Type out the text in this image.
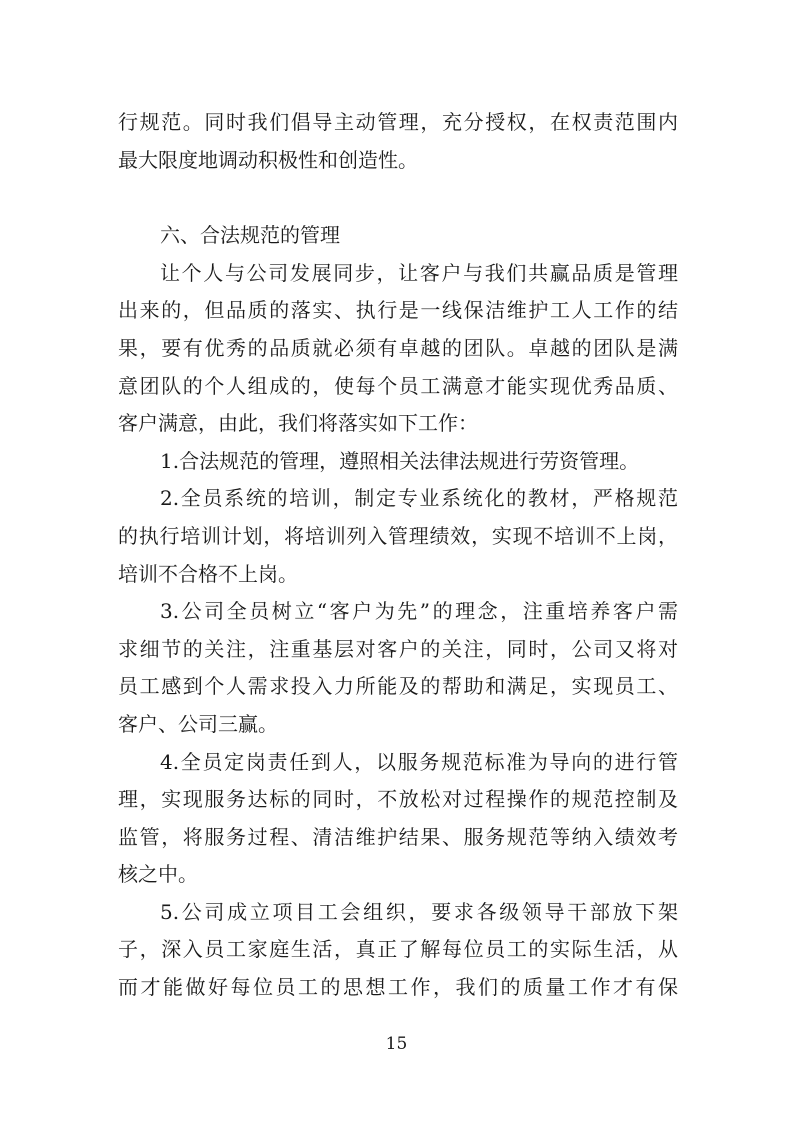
行规范。同时我们倡导主动管理，充分授权，在权责范围内
最大限度地调动积极性和创造性。
六、合法规范的管理
让个人与公司发展同步，让客户与我们共赢品质是管理
出来的，但品质的落实、执行是一线保洁维护工人工作的结
果，要有优秀的品质就必须有卓越的团队。卓越的团队是满
意团队的个人组成的，使每个员工满意才能实现优秀品质、
客户满意，由此，我们将落实如下工作：
1.合法规范的管理，遵照相关法律法规进行劳资管理。
2.全员系统的培训，制定专业系统化的教材，严格规范
的执行培训计划，将培训列入管理绩效，实现不培训不上岗，
培训不合格不上岗。
3.公司全员树立“客户为先”的理念，注重培养客户需
求细节的关注，注重基层对客户的关注，同时，公司又将对
员工感到个人需求投入力所能及的帮助和满足，实现员工、
客户、公司三赢。
4.全员定岗责任到人，以服务规范标准为导向的进行管
理，实现服务达标的同时，不放松对过程操作的规范控制及
监管，将服务过程、清洁维护结果、服务规范等纳入绩效考
核之中。
5.公司成立项目工会组织，要求各级领导干部放下架
子，深入员工家庭生活，真正了解每位员工的实际生活，从
而才能做好每位员工的思想工作，我们的质量工作才有保
15
